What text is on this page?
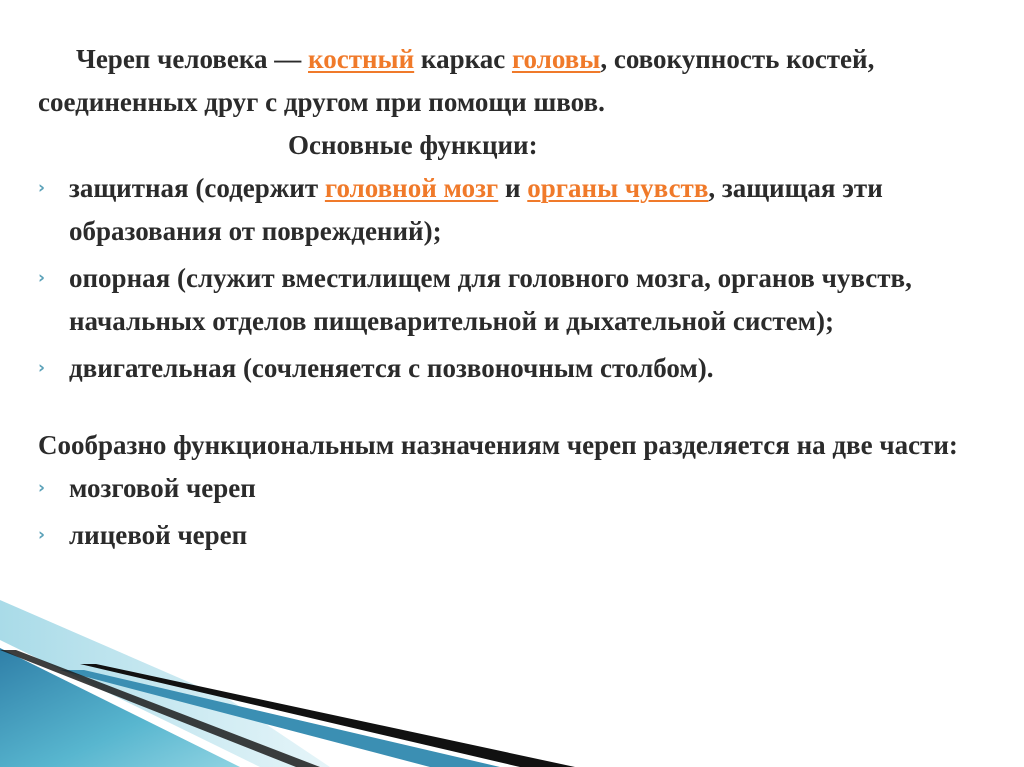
Череп человека — костный каркас головы, совокупность костей, соединенных друг с другом при помощи швов.

Основные функции:

› защитная (содержит головной мозг и органы чувств, защищая эти образования от повреждений);
› опорная (служит вместилищем для головного мозга, органов чувств, начальных отделов пищеварительной и дыхательной систем);
› двигательная (сочленяется с позвоночным столбом).

Сообразно функциональным назначениям череп разделяется на две части:

› мозговой череп
› лицевой череп
